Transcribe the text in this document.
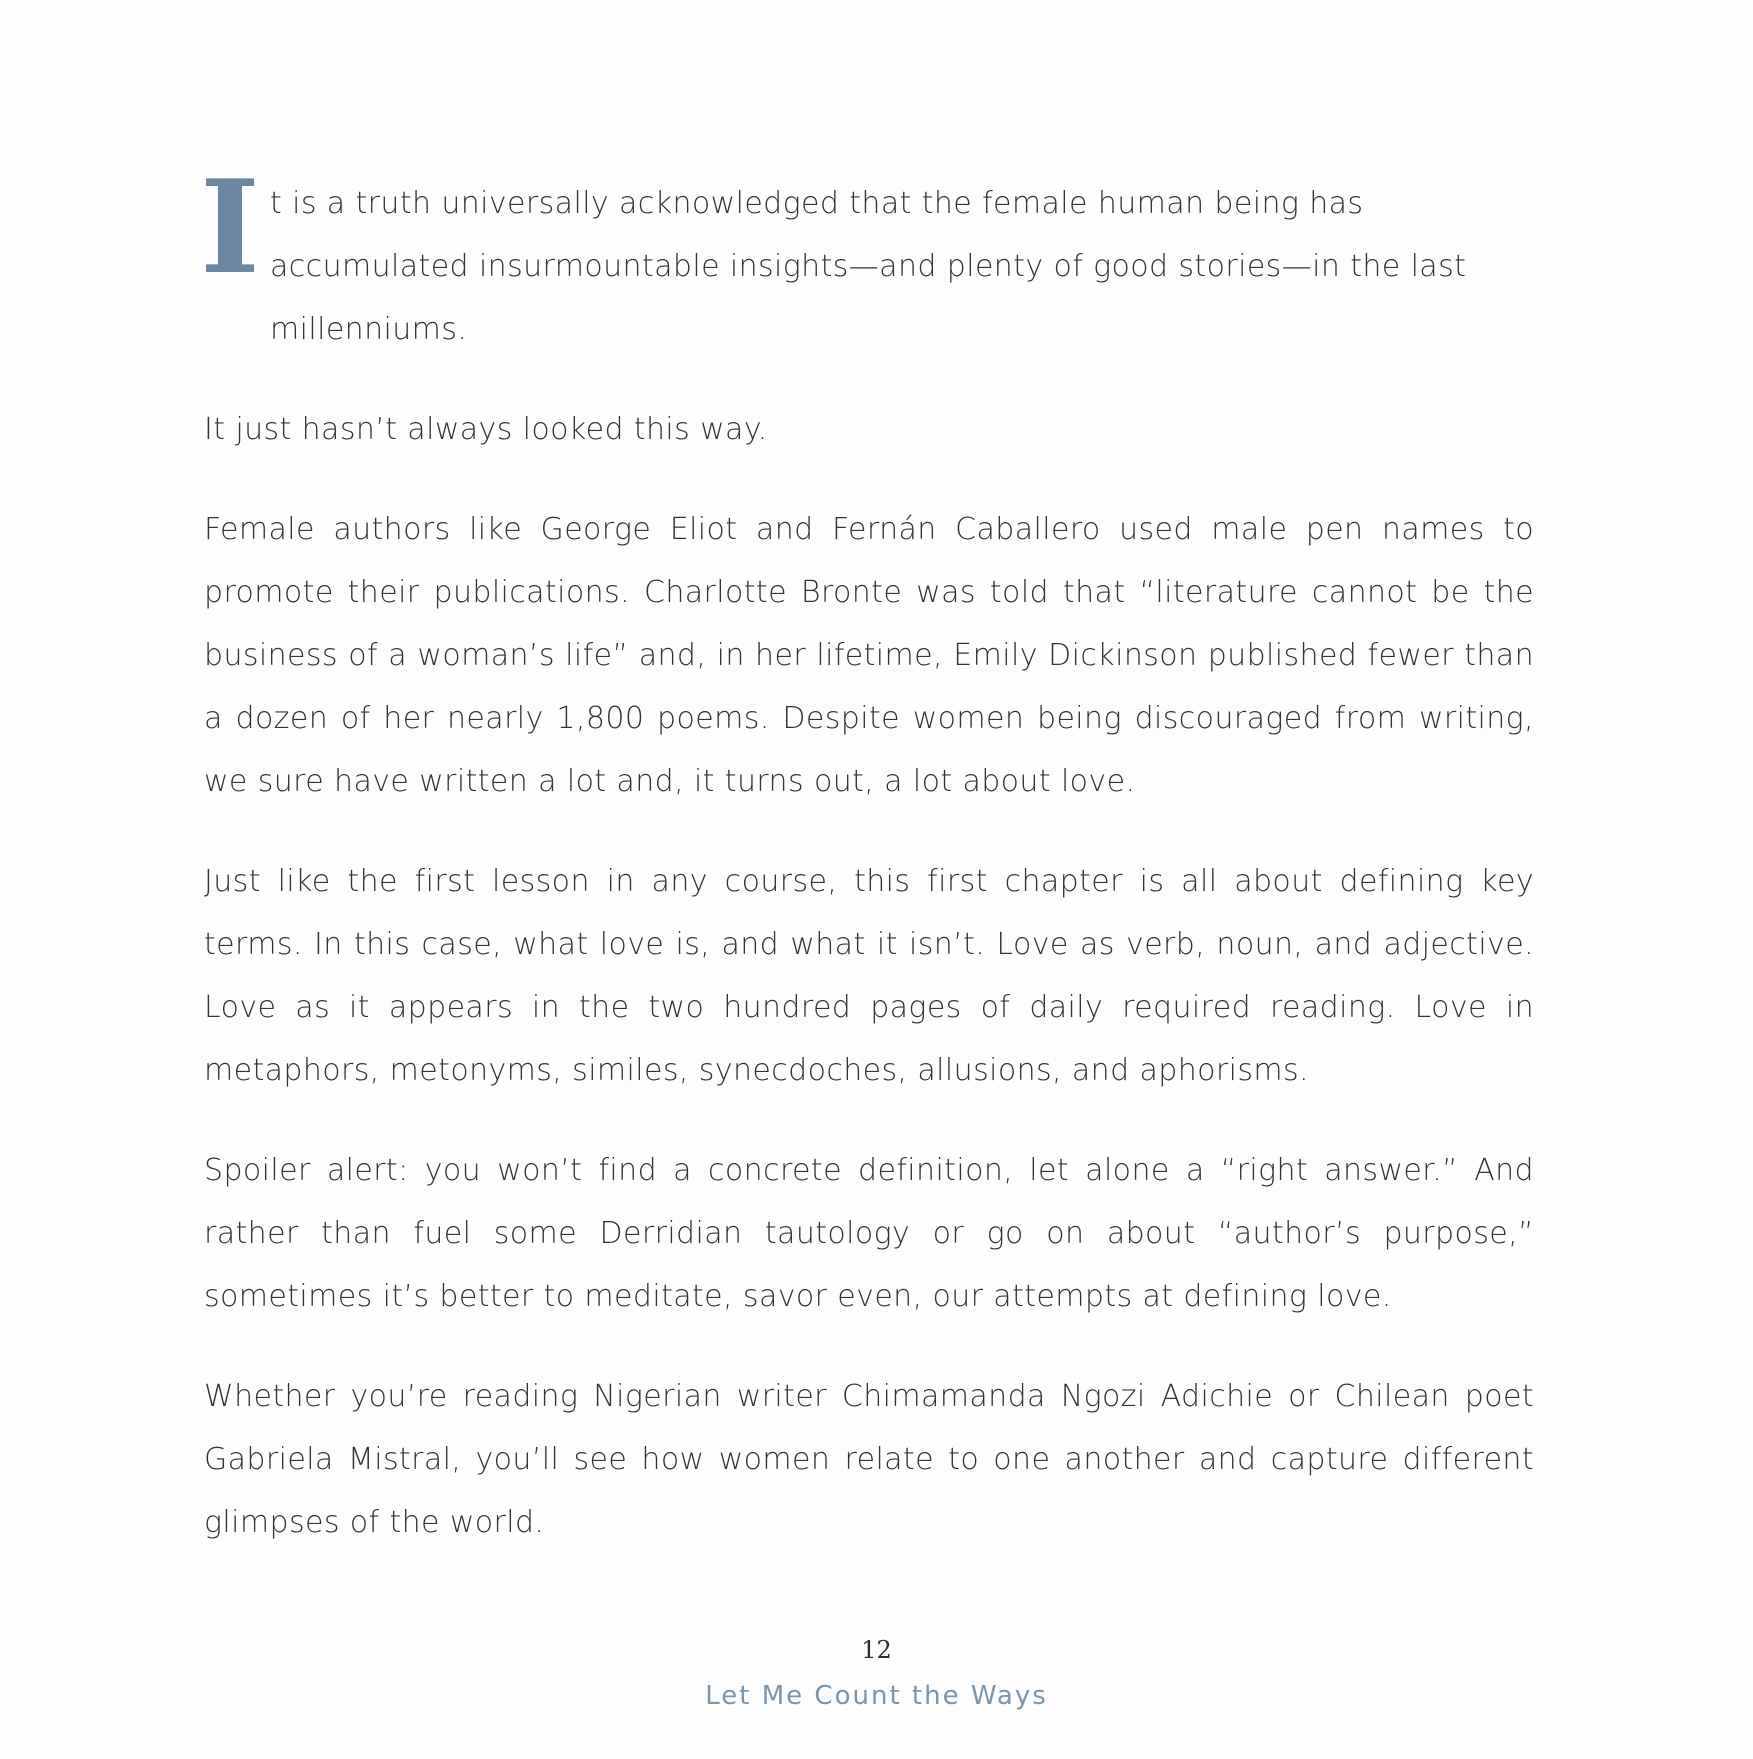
I t is a truth universally acknowledged that the female human being has accumulated insurmountable insights—and plenty of good stories—in the last millenniums.

It just hasn’t always looked this way.

Female authors like George Eliot and Fernán Caballero used male pen names to promote their publications. Charlotte Bronte was told that “literature cannot be the business of a woman’s life” and, in her lifetime, Emily Dickinson published fewer than a dozen of her nearly 1,800 poems. Despite women being discouraged from writing, we sure have written a lot and, it turns out, a lot about love.

Just like the first lesson in any course, this first chapter is all about defining key terms. In this case, what love is, and what it isn’t. Love as verb, noun, and adjective. Love as it appears in the two hundred pages of daily required reading. Love in metaphors, metonyms, similes, synecdoches, allusions, and aphorisms.

Spoiler alert: you won’t find a concrete definition, let alone a “right answer.” And rather than fuel some Derridian tautology or go on about “author’s purpose,” sometimes it’s better to meditate, savor even, our attempts at defining love.

Whether you’re reading Nigerian writer Chimamanda Ngozi Adichie or Chilean poet Gabriela Mistral, you’ll see how women relate to one another and capture different glimpses of the world.

12
Let Me Count the Ways
